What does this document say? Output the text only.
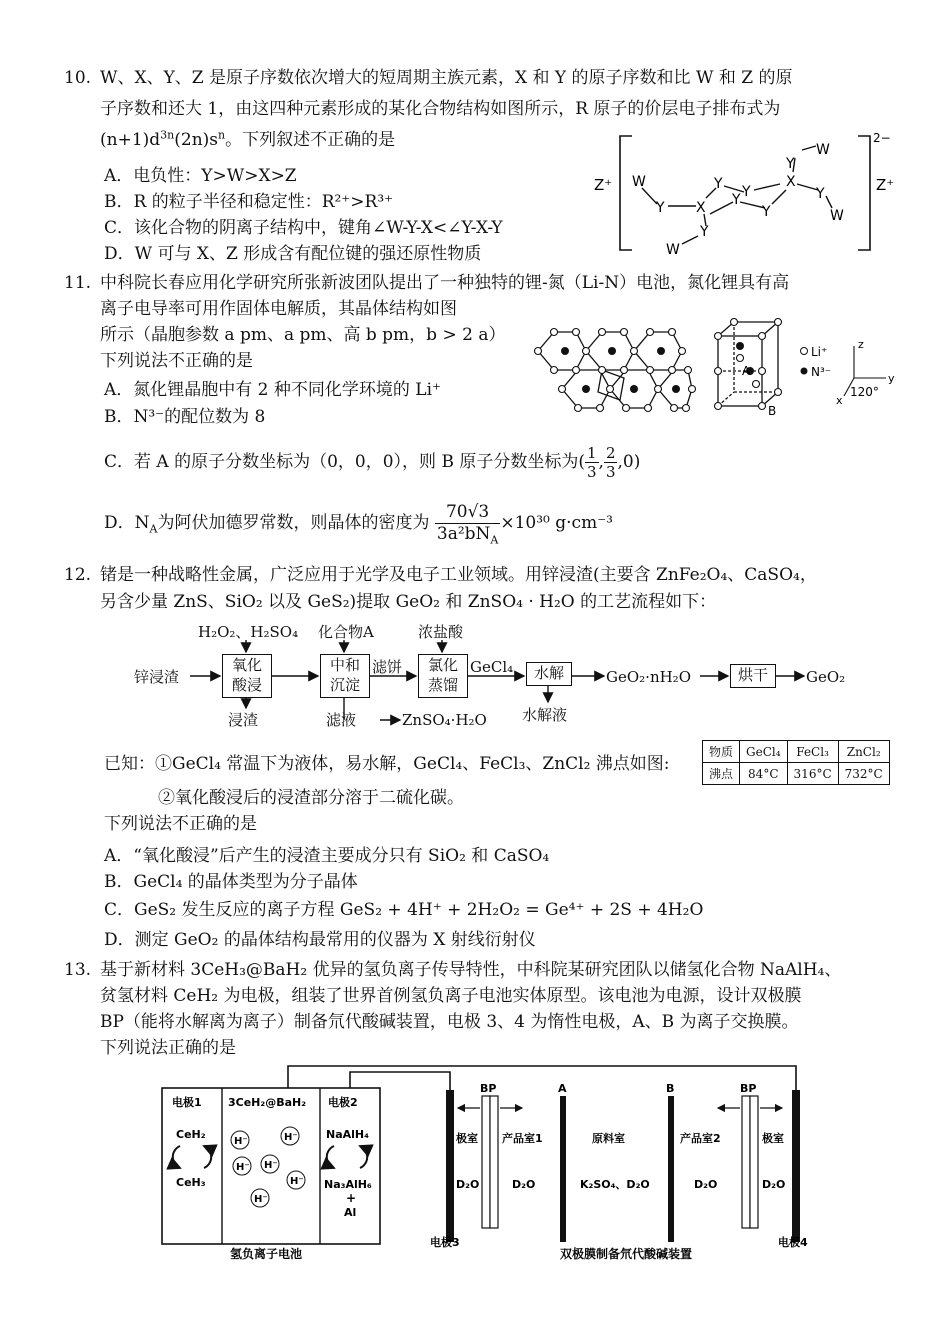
10. W、X、Y、Z 是原子序数依次增大的短周期主族元素，X 和 Y 的原子序数和比 W 和 Z 的原
子序数和还大 1，由这四种元素形成的某化合物结构如图所示，R 原子的价层电子排布式为
$(n+1)d^{3n}(2n)s^n$。下列叙述不正确的是
A．电负性：Y>W>X>Z
B．R 的粒子半径和稳定性：R²⁺>R³⁺
C．该化合物的阴离子结构中，键角∠W-Y-X<∠Y-X-Y
D．W 可与 X、Z 形成含有配位键的强还原性物质
2−
Z⁺	Z⁺
W
Y X
Y Y
Y
Y
X
Y
W
Y
W
Y
W
11. 中科院长春应用化学研究所张新波团队提出了一种独特的锂-氮（Li-N）电池，氮化锂具有高
离子电导率可用作固体电解质，其晶体结构如图
所示（晶胞参数 a pm、a pm、高 b pm，b > 2 a）
下列说法不正确的是
A．氮化锂晶胞中有 2 种不同化学环境的 Li⁺
B．N³⁻的配位数为 8
C．若 A 的原子分数坐标为（0，0，0），则 B 原子分数坐标为( $\frac{1}{3}$ , $\frac{2}{3} ,0$)
D．$N_A$为阿伏加德罗常数，则晶体的密度为 $\frac{70√3}{3a^2bN_A} \times 10^{30}$ g·cm⁻³
A
B
Li⁺
N³⁻
z
y
x
120°
12. 锗是一种战略性金属，广泛应用于光学及电子工业领域。用锌浸渣(主要含 ZnFe₂O₄、CaSO₄，
另含少量 ZnS、SiO₂ 以及 GeS₂)提取 GeO₂ 和 ZnSO₄ · H₂O 的工艺流程如下：
H₂O₂、H₂SO₄ 化合物A	浓盐酸
锌浸渣
氧化
酸浸
中和
沉淀
氯化
蒸馏
水解	烘干
滤饼	GeCl₄
GeO₂·nH₂O	GeO₂
浸渣	滤液	ZnSO₄·H₂O 水解液
已知：①GeCl₄ 常温下为液体，易水解，GeCl₄、FeCl₃、ZnCl₂ 沸点如图:
物质	GeCl₄	FeCl₃	ZnCl₂
沸点	84°C	316°C	732°C
②氧化酸浸后的浸渣部分溶于二硫化碳。
下列说法不正确的是
A．“氧化酸浸”后产生的浸渣主要成分只有 SiO₂ 和 CaSO₄
B．GeCl₄ 的晶体类型为分子晶体
C．GeS₂ 发生反应的离子方程 GeS₂ + 4H⁺ + 2H₂O₂ = Ge⁴⁺ + 2S + 4H₂O
D．测定 GeO₂ 的晶体结构最常用的仪器为 X 射线衍射仪
13. 基于新材料 3CeH₃@BaH₂ 优异的氢负离子传导特性，中科院某研究团队以储氢化合物 NaAlH₄、
贫氢材料 CeH₂ 为电极，组装了世界首例氢负离子电池实体原型。该电池为电源，设计双极膜
BP（能将水解离为离子）制备氘代酸碱装置，电极 3、4 为惰性电极，A、B 为离子交换膜。
下列说法正确的是
电极1 3CeH₂@BaH₂ 电极2
CeH₂
CeH₃
H⁻	H⁻
H⁻ H⁻
H⁻
H⁻
NaAlH₄
Na₃AlH₆
+
Al
氢负离子电池
BP	BP
A	B
极室 产品室1	原料室	产品室2	极室
D₂O	D₂O	K₂SO₄、D₂O	D₂O	D₂O
电极3	电极4
双极膜制备氘代酸碱装置
